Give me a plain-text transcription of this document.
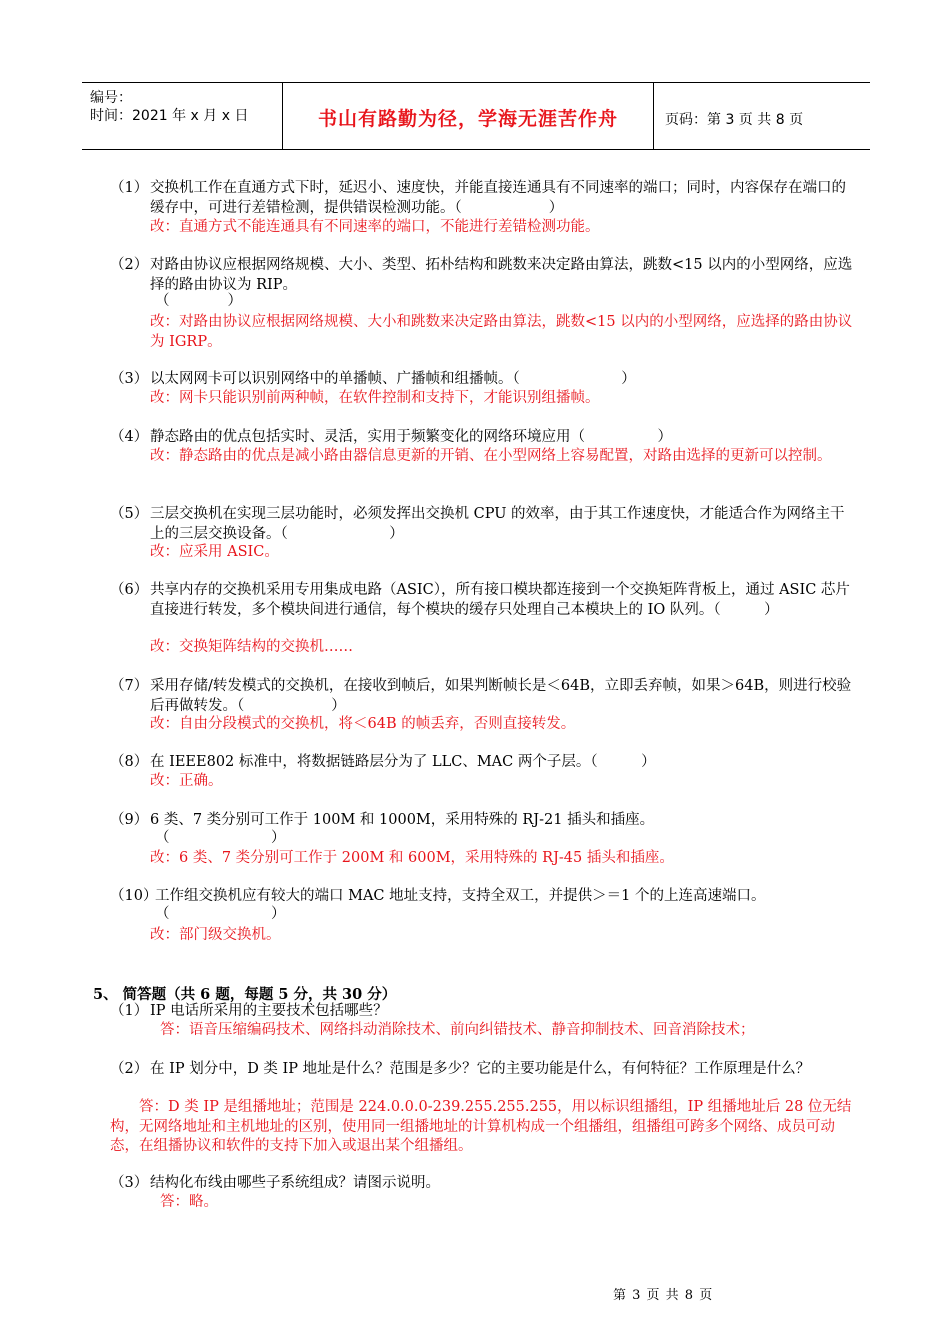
编号：
时间：2021 年 x 月 x 日	书山有路勤为径，学海无涯苦作舟	页码：第 3 页 共 8 页
（1） 交换机工作在直通方式下时，延迟小、速度快，并能直接连通具有不同速率的端口；同时，内容保存在端口的缓存中，可进行差错检测，提供错误检测功能。（　　　　　　）
改：直通方式不能连通具有不同速率的端口，不能进行差错检测功能。
（2） 对路由协议应根据网络规模、大小、类型、拓朴结构和跳数来决定路由算法，跳数<15 以内的小型网络，应选择的路由协议为 RIP。
（　　　　）
改：对路由协议应根据网络规模、大小和跳数来决定路由算法，跳数<15 以内的小型网络，应选择的路由协议为 IGRP。
（3） 以太网网卡可以识别网络中的单播帧、广播帧和组播帧。（　　　　　　　）
改：网卡只能识别前两种帧，在软件控制和支持下，才能识别组播帧。
（4） 静态路由的优点包括实时、灵活，实用于频繁变化的网络环境应用（　　　　　）
改：静态路由的优点是减小路由器信息更新的开销、在小型网络上容易配置，对路由选择的更新可以控制。
（5） 三层交换机在实现三层功能时，必须发挥出交换机 CPU 的效率，由于其工作速度快，才能适合作为网络主干上的三层交换设备。（　　　　　　　）
改：应采用 ASIC。
（6） 共享内存的交换机采用专用集成电路（ASIC），所有接口模块都连接到一个交换矩阵背板上，通过 ASIC 芯片直接进行转发，多个模块间进行通信，每个模块的缓存只处理自己本模块上的 IO 队列。（　　　）
改：交换矩阵结构的交换机……
（7） 采用存储/转发模式的交换机，在接收到帧后，如果判断帧长是＜64B，立即丢弃帧，如果＞64B，则进行校验后再做转发。（　　　　　　）
改：自由分段模式的交换机，将＜64B 的帧丢弃，否则直接转发。
（8） 在 IEEE802 标准中，将数据链路层分为了 LLC、MAC 两个子层。（　　　）
改：正确。
（9） 6 类、7 类分别可工作于 100M 和 1000M，采用特殊的 RJ-21 插头和插座。
（　　　　　　　）
改：6 类、7 类分别可工作于 200M 和 600M，采用特殊的 RJ-45 插头和插座。
（10）
工作组交换机应有较大的端口 MAC 地址支持，支持全双工，并提供＞＝1 个的上连高速端口。
（　　　　　　　）
改：部门级交换机。
5、 简答题（共 6 题，每题 5 分，共 30 分）
（1） IP 电话所采用的主要技术包括哪些？
答：语音压缩编码技术、网络抖动消除技术、前向纠错技术、静音抑制技术、回音消除技术；
（2） 在 IP 划分中，D 类 IP 地址是什么？范围是多少？它的主要功能是什么，有何特征？工作原理是什么？
　　答：D 类 IP 是组播地址；范围是 224.0.0.0-239.255.255.255，用以标识组播组，IP 组播地址后 28 位无结构，无网络地址和主机地址的区别，使用同一组播地址的计算机构成一个组播组，组播组可跨多个网络、成员可动态，在组播协议和软件的支持下加入或退出某个组播组。
（3） 结构化布线由哪些子系统组成？请图示说明。
答：略。
第 3 页 共 8 页
